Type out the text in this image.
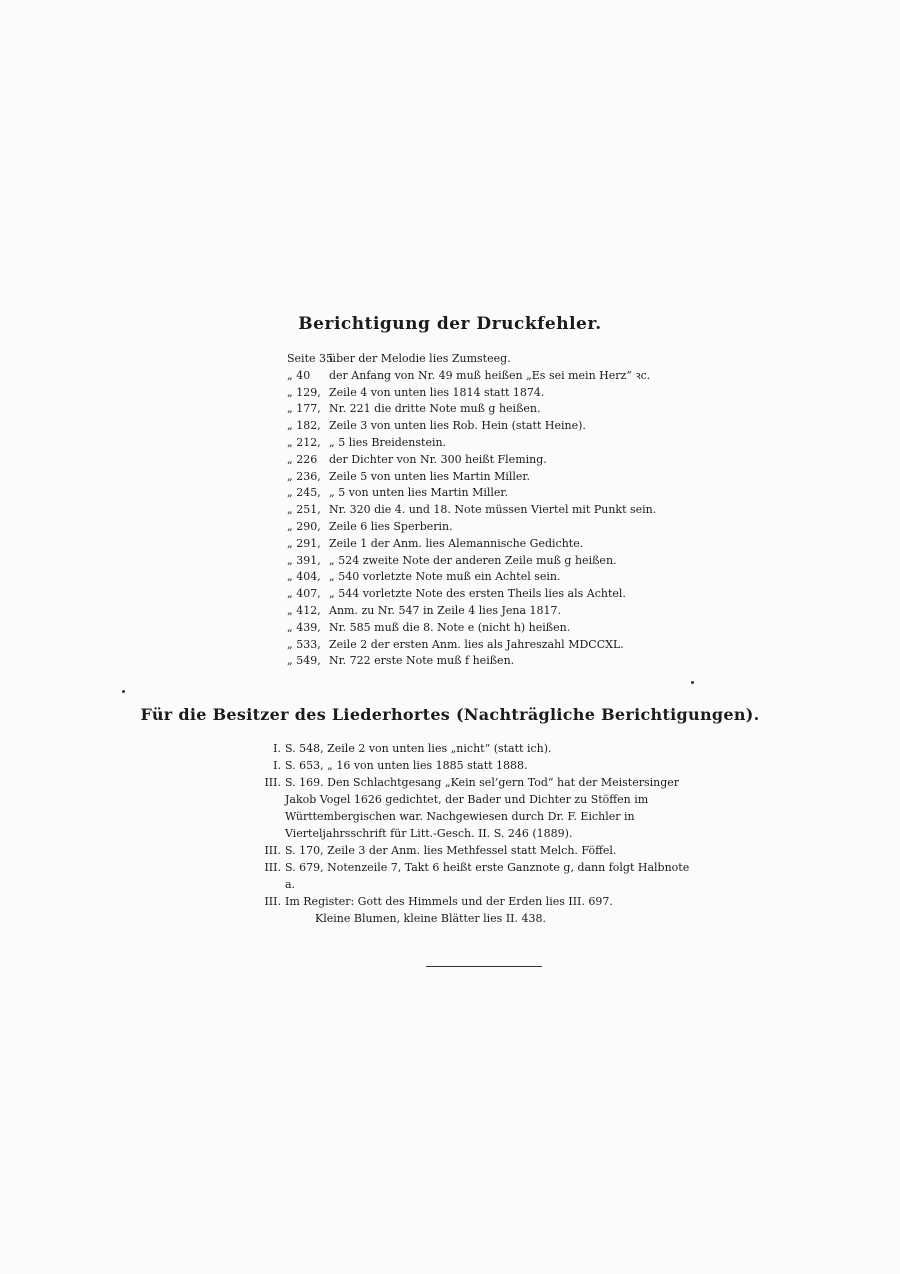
Berichtigung der Druckfehler.
Seite 35
über der Melodie lies Zumsteeg.
„ 40	der Anfang von Nr. 49 muß heißen „Es sei mein Herz“ ꝛc.
„ 129, Zeile 4 von unten lies 1814 statt 1874.
„ 177, Nr. 221 die dritte Note muß g heißen.
„ 182, Zeile 3 von unten lies Rob. Hein (statt Heine).
„ 212, „ 5 lies Breidenstein.
„ 226	der Dichter von Nr. 300 heißt Fleming.
„ 236, Zeile 5 von unten lies Martin Miller.
„ 245, „ 5 von unten lies Martin Miller.
„ 251, Nr. 320 die 4. und 18. Note müssen Viertel mit Punkt sein.
„ 290, Zeile 6 lies Sperberin.
„ 291, Zeile 1 der Anm. lies Alemannische Gedichte.
„ 391, „ 524 zweite Note der anderen Zeile muß g heißen.
„ 404, „ 540 vorletzte Note muß ein Achtel sein.
„ 407, „ 544 vorletzte Note des ersten Theils lies als Achtel.
„ 412, Anm. zu Nr. 547 in Zeile 4 lies Jena 1817.
„ 439, Nr. 585 muß die 8. Note e (nicht h) heißen.
„ 533, Zeile 2 der ersten Anm. lies als Jahreszahl MDCCXL.
„ 549, Nr. 722 erste Note muß f heißen.
Für die Besitzer des Liederhortes (Nachträgliche Berichtigungen).
I. S. 548, Zeile 2 von unten lies „nicht“ (statt ich).
I. S. 653, „ 16 von unten lies 1885 statt 1888.
III. S. 169. Den Schlachtgesang „Kein sel’gern Tod“ hat der Meistersinger Jakob Vogel 1626 gedichtet, der Bader und Dichter zu Stöffen im Württembergischen war. Nachgewiesen durch Dr. F. Eichler in Vierteljahrsschrift für Litt.-Gesch. II. S. 246 (1889).
III. S. 170, Zeile 3 der Anm. lies Methfessel statt Melch. Föffel.
III. S. 679, Notenzeile 7, Takt 6 heißt erste Ganznote g, dann folgt Halbnote a.
III. Im Register: Gott des Himmels und der Erden lies III. 697.
Kleine Blumen, kleine Blätter lies II. 438.
